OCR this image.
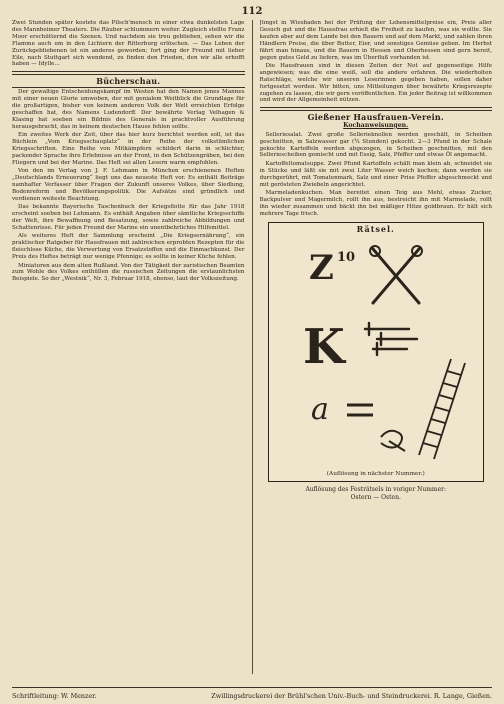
112

Zwei Stunden später kostete das Pilsch'mensch in einer etwa dunkelsten Lage des Mannheimer Theaters. Die Räuber schlummern weiter. Zugleich stellte Franz Moor erschütternd die Szenen. Und nachdem sie treu geblieben, sehen wir die Flamme auch um in den Lichtern der Ritterburg erlöschen. — Das Leben der Zurückgebliebenen ist ein anderes geworden; fort ging der Freund mit lieber Eile, nach Stuttgart sich wendend, zu finden den Frieden, den wir alle erhofft haben — Idylle...

Bücherschau.

Der gewaltige Entscheidungskampf im Westen hat den Namen jenes Mannes mit einer neuen Glorie umwoben, der mit genialem Weitblick die Grundlage für die großartigen, bisher von keinem anderen Volk der Welt erreichten Erfolge geschaffen hat, des Namens Ludendorff. Der bewährte Verlag Velhagen & Klasing hat soeben ein Bildnis des Generals in prachtvoller Ausführung herausgebracht, das in keinem deutschen Hause fehlen sollte.

Ein zweites Werk der Zeit, über das hier kurz berichtet werden soll, ist das Büchlein „Vom Kriegsschauplatz“ in der Reihe der volkstümlichen Kriegsschriften. Eine Reihe von Mitkämpfern schildert darin in schlichter, packender Sprache ihre Erlebnisse an der Front, in den Schützengräben, bei den Fliegern und bei der Marine. Das Heft sei allen Lesern warm empfohlen.

Von den im Verlag von J. F. Lehmann in München erschienenen Heften „Deutschlands Erneuerung“ liegt uns das neueste Heft vor. Es enthält Beiträge namhafter Verfasser über Fragen der Zukunft unseres Volkes, über Siedlung, Bodenreform und Bevölkerungspolitik. Die Aufsätze sind gründlich und verdienen weiteste Beachtung.

Das bekannte Bayerische Taschenbuch der Kriegsflotte für das Jahr 1918 erscheint soeben bei Lehmann. Es enthält Angaben über sämtliche Kriegsschiffe der Welt, ihre Bewaffnung und Besatzung, sowie zahlreiche Abbildungen und Schattenrisse. Für jeden Freund der Marine ein unentbehrliches Hilfsmittel.

Als weiteres Heft der Sammlung erscheint „Die Kriegsernährung“, ein praktischer Ratgeber für Hausfrauen mit zahlreichen erprobten Rezepten für die fleischlose Küche, die Verwertung von Ersatzstoffen und die Einmachkunst. Der Preis des Heftes beträgt nur wenige Pfennige; es sollte in keiner Küche fehlen.

Miniaturen aus dem alten Rußland. Von der Tätigkeit der zaristischen Beamten zum Wohle des Volkes enthüllen die russischen Zeitungen die erstaunlichsten Beispiele. So der „Westnik“, Nr. 3, Februar 1918, ebenso, laut der Volkszeitung.

Jüngst in Wiesbaden bei der Prüfung der Lebensmittelpreise ein, Preis aller Gesuch gut und die Haussfrau erhielt die Freiheit zu kaufen, was sie wollte. Sie kaufen aber auf dem Lande bei den Bauern und auf dem Markt, und zahlen ihren Händlern Preise, die über Butter, Eier, und sonstiges Gemüse geben. Im Herbst fährt man hinaus, und die Bauern in Hessen und Oberhessen sind gern bereit, gegen gutes Geld zu liefern, was im Überfluß vorhanden ist.

Die Hausfrauen sind in diesen Zeiten der Not auf gegenseitige Hilfe angewiesen; was die eine weiß, soll die andere erfahren. Die wiederholten Ratschläge, welche wir unseren Leserinnen gegeben haben, sollen daher fortgesetzt werden. Wir bitten, uns Mitteilungen über bewährte Kriegsrezepte zugehen zu lassen, die wir gern veröffentlichen. Ein jeder Beitrag ist willkommen und wird der Allgemeinheit nützen.

Gießener Hausfrauen-Verein.
Kochanweisungen.

Selleriesalat. Zwei große Sellerieknollen werden geschält, in Scheiben geschnitten, in Salzwasser gar (¾ Stunden) gekocht. 2—3 Pfund in der Schale gekochte Kartoffeln werden abgezogen, in Scheiben geschnitten, mit den Selleriescheiben gemischt und mit Essig, Salz, Pfeffer und etwas Öl angemacht.

Kartoffeltomatsuppe. Zwei Pfund Kartoffeln schält man klein ab, schneidet sie in Stücke und läßt sie mit zwei Liter Wasser weich kochen; dann werden sie durchgerührt, mit Tomatenmark, Salz und einer Prise Pfeffer abgeschmeckt und mit gerösteten Zwiebeln angerichtet.

Marmeladenkuchen. Man bereitet einen Teig aus Mehl, etwas Zucker, Backpulver und Magermilch, rollt ihn aus, bestreicht ihn mit Marmelade, rollt ihn wieder zusammen und bäckt ihn bei mäßiger Hitze goldbraun. Er hält sich mehrere Tage frisch.

Rätsel.
Z 10
K
a
(Auflösung in nächster Nummer.)
Auflösung des Festrätsels in voriger Nummer:
Ostern — Osten.
Schriftleitung: W. Menzer.	Zwillingsdruckerei der Brühl'schen Univ.-Buch- und Steindruckerei. R. Lange, Gießen.
